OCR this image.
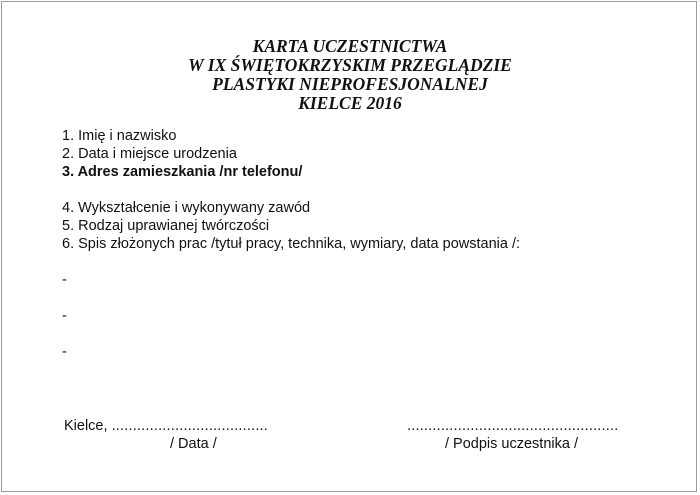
KARTA UCZESTNICTWA
W IX ŚWIĘTOKRZYSKIM PRZEGLĄDZIE
PLASTYKI NIEPROFESJONALNEJ
KIELCE 2016
1. Imię i nazwisko
2. Data i miejsce urodzenia
3. Adres zamieszkania /nr telefonu/
4. Wykształcenie i wykonywany zawód
5. Rodzaj uprawianej twórczości
6. Spis złożonych prac /tytuł pracy, technika, wymiary, data powstania /:
-
-
-
Kielce, .....................................
/ Data /
..................................................
/ Podpis uczestnika /
